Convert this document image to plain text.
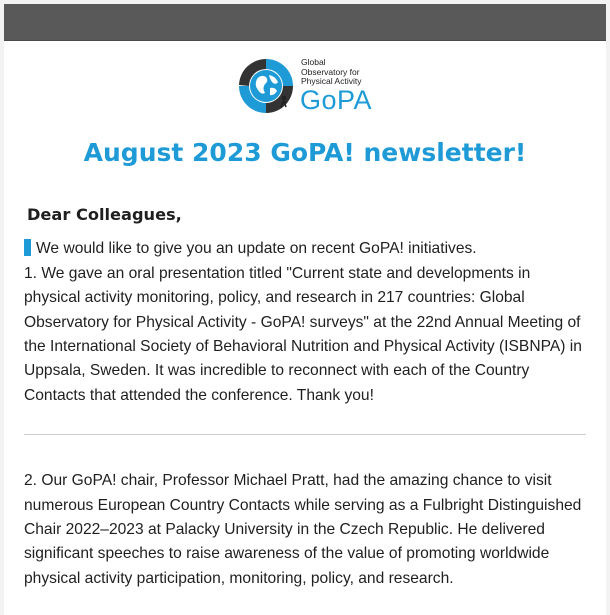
Global
Observatory for
Physical Activity
GoPA
August 2023 GoPA! newsletter!
Dear Colleagues,

We would like to give you an update on recent GoPA! initiatives.

1. We gave an oral presentation titled "Current state and developments in physical activity monitoring, policy, and research in 217 countries: Global Observatory for Physical Activity - GoPA! surveys" at the 22nd Annual Meeting of the International Society of Behavioral Nutrition and Physical Activity (ISBNPA) in Uppsala, Sweden. It was incredible to reconnect with each of the Country Contacts that attended the conference. Thank you!

2. Our GoPA! chair, Professor Michael Pratt, had the amazing chance to visit numerous European Country Contacts while serving as a Fulbright Distinguished Chair 2022–2023 at Palacky University in the Czech Republic. He delivered significant speeches to raise awareness of the value of promoting worldwide physical activity participation, monitoring, policy, and research.
